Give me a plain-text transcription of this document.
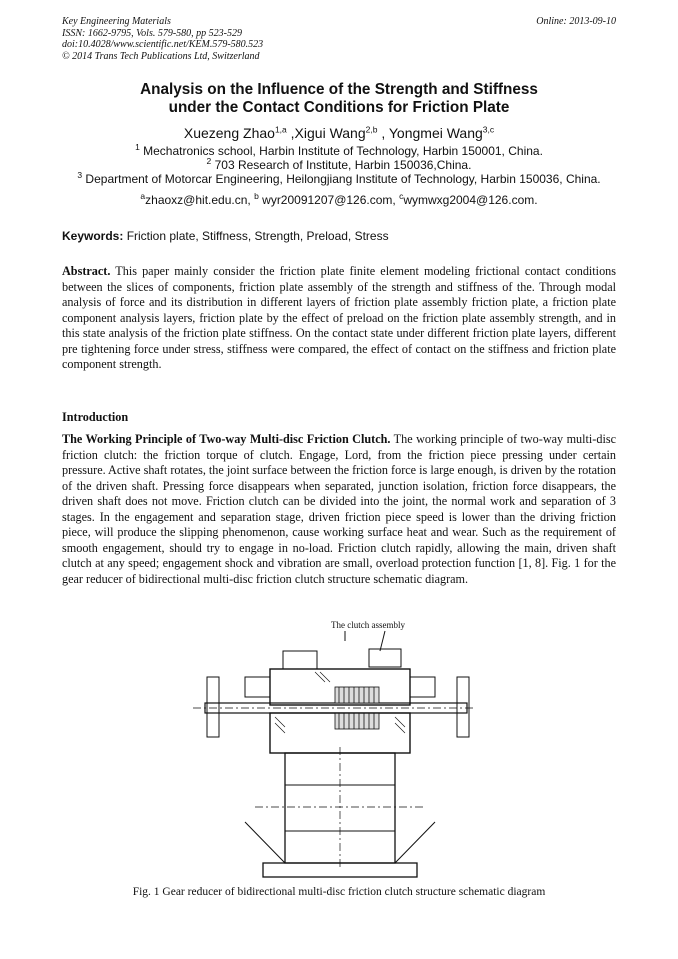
Key Engineering Materials
ISSN: 1662-9795, Vols. 579-580, pp 523-529
doi:10.4028/www.scientific.net/KEM.579-580.523
© 2014 Trans Tech Publications Ltd, Switzerland
Online: 2013-09-10
Analysis on the Influence of the Strength and Stiffness
under the Contact Conditions for Friction Plate
Xuezeng Zhao$^{1,a}$ ,Xigui Wang$^{2,b}$ , Yongmei Wang$^{3,c}$
$^1$ Mechatronics school, Harbin Institute of Technology, Harbin 150001, China.
$^2$ 703 Research of Institute, Harbin 150036,China.
$^3$ Department of Motorcar Engineering, Heilongjiang Institute of Technology, Harbin 150036, China.
$^a$zhaoxz@hit.edu.cn, $^b$ wyr20091207@126.com, $^c$wymwxg2004@126.com.
Keywords: Friction plate, Stiffness, Strength, Preload, Stress
Abstract. This paper mainly consider the friction plate finite element modeling frictional contact conditions between the slices of components, friction plate assembly of the strength and stiffness of the. Through modal analysis of force and its distribution in different layers of friction plate assembly friction plate, a friction plate component analysis layers, friction plate by the effect of preload on the friction plate assembly strength, and in this state analysis of the friction plate stiffness. On the contact state under different friction plate layers, different pre tightening force under stress, stiffness were compared, the effect of contact on the stiffness and friction plate component strength.
Introduction
The Working Principle of Two-way Multi-disc Friction Clutch. The working principle of two-way multi-disc friction clutch: the friction torque of clutch. Engage, Lord, from the friction piece pressing under certain pressure. Active shaft rotates, the joint surface between the friction force is large enough, is driven by the rotation of the driven shaft. Pressing force disappears when separated, junction isolation, friction force disappears, the driven shaft does not move. Friction clutch can be divided into the joint, the normal work and separation of 3 stages. In the engagement and separation stage, driven friction piece speed is lower than the driving friction piece, will produce the slipping phenomenon, cause working surface heat and wear. Such as the requirement of smooth engagement, should try to engage in no-load. Friction clutch rapidly, allowing the main, driven shaft clutch at any speed; engagement shock and vibration are small, overload protection function [1, 8]. Fig. 1 for the gear reducer of bidirectional multi-disc friction clutch structure schematic diagram.
The clutch assembly
Fig. 1 Gear reducer of bidirectional multi-disc friction clutch structure schematic diagram
